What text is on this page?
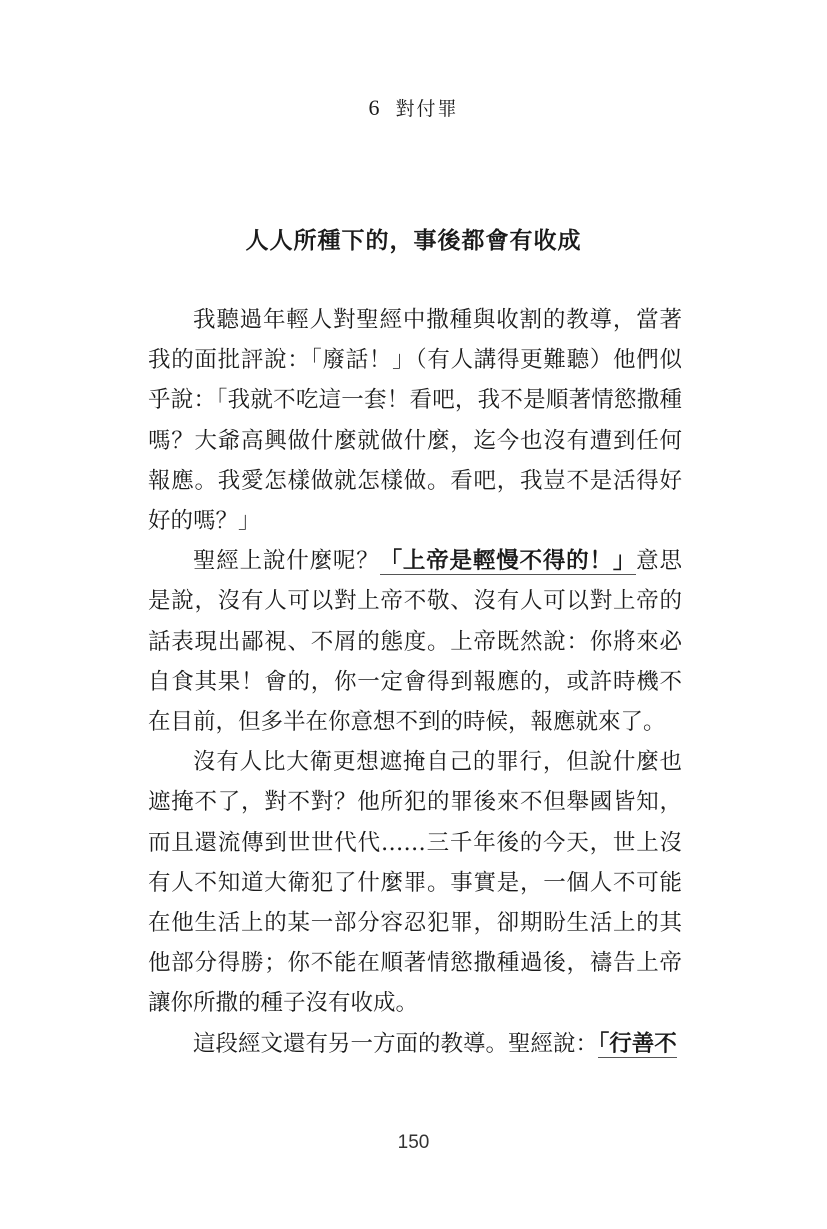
6 對付罪
人人所種下的，事後都會有收成

我聽過年輕人對聖經中撒種與收割的教導，當著我的面批評說：「廢話！」（有人講得更難聽）他們似乎說：「我就不吃這一套！看吧，我不是順著情慾撒種嗎？大爺高興做什麼就做什麼，迄今也沒有遭到任何報應。我愛怎樣做就怎樣做。看吧，我豈不是活得好好的嗎？」

聖經上說什麼呢？「上帝是輕慢不得的！」意思是說，沒有人可以對上帝不敬、沒有人可以對上帝的話表現出鄙視、不屑的態度。上帝既然說：你將來必自食其果！會的，你一定會得到報應的，或許時機不在目前，但多半在你意想不到的時候，報應就來了。

沒有人比大衛更想遮掩自己的罪行，但說什麼也遮掩不了，對不對？他所犯的罪後來不但舉國皆知，而且還流傳到世世代代……三千年後的今天，世上沒有人不知道大衛犯了什麼罪。事實是，一個人不可能在他生活上的某一部分容忍犯罪，卻期盼生活上的其他部分得勝；你不能在順著情慾撒種過後，禱告上帝讓你所撒的種子沒有收成。

這段經文還有另一方面的教導。聖經說：「行善不

150
